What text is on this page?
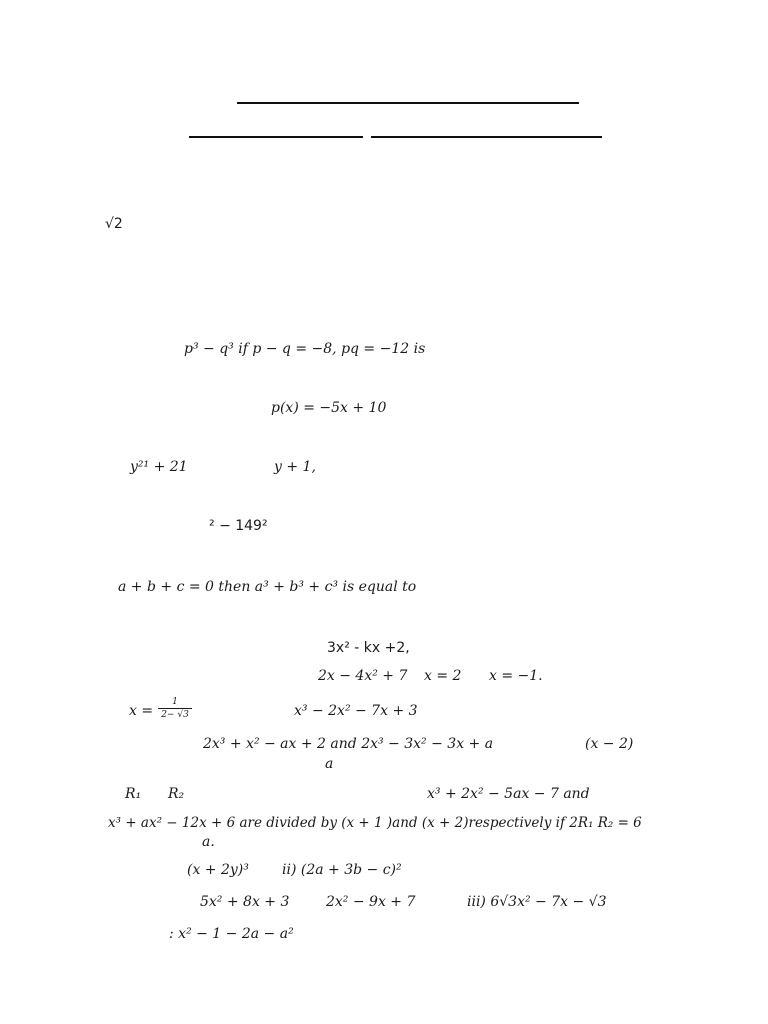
√2
p³ − q³ if p − q = −8, pq = −12 is
p(x) = −5x + 10
y²¹ + 21	y + 1,
² − 149²
a + b + c = 0 then a³ + b³ + c³ is equal to
3x² - kx +2,
2x − 4x² + 7 x = 2 x = −1.
x =
1
2− √3	x³ − 2x² − 7x + 3
2x³ + x² − ax + 2 and 2x³ − 3x² − 3x + a	(x − 2)
a
R₁ R₂	x³ + 2x² − 5ax − 7 and
x³ + ax² − 12x + 6 are divided by (x + 1 )and (x + 2)respectively if 2R₁ R₂ = 6
a.
(x + 2y)³ ii) (2a + 3b − c)²
5x² + 8x + 3	2x² − 9x + 7	iii) 6√3x² − 7x − √3
: x² − 1 − 2a − a²
